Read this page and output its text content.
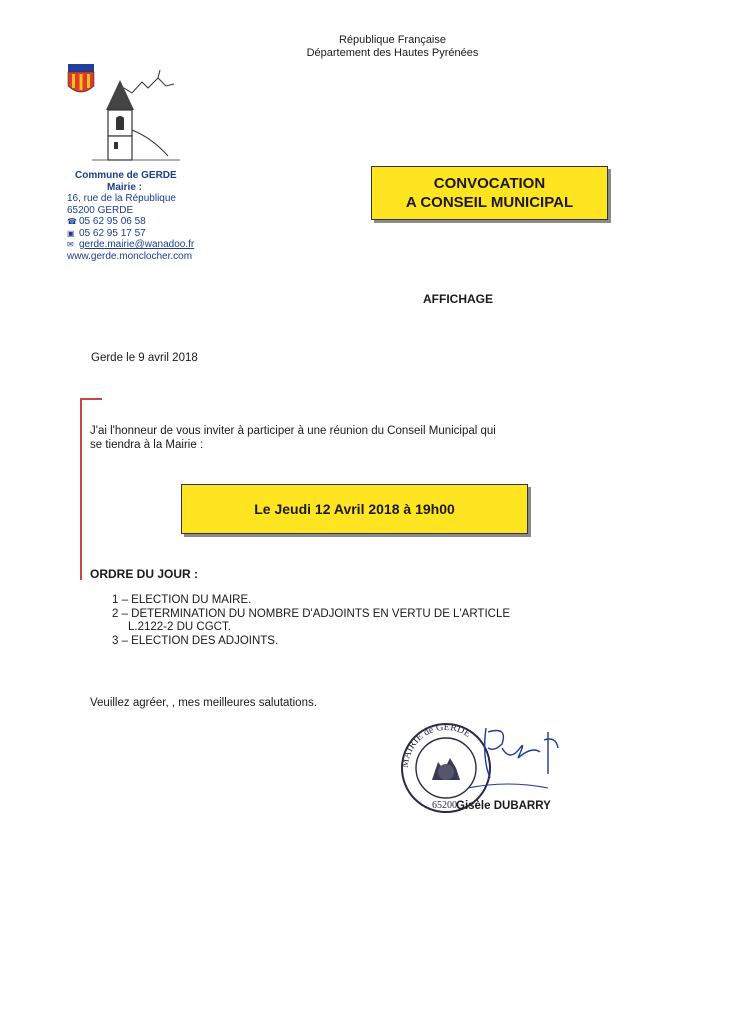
République Française
Département des Hautes Pyrénées
Commune de GERDE
Mairie :
16, rue de la République
65200 GERDE
☎ 05 62 95 06 58
▣ 05 62 95 17 57
✉ gerde.mairie@wanadoo.fr
www.gerde.monclocher.com
CONVOCATION
A CONSEIL MUNICIPAL
AFFICHAGE
Gerde le 9 avril 2018
J'ai l'honneur de vous inviter à participer à une réunion du Conseil Municipal qui se tiendra à la Mairie :
Le Jeudi 12 Avril 2018 à 19h00
ORDRE DU JOUR :
1 – ELECTION DU MAIRE.
2 – DETERMINATION DU NOMBRE D'ADJOINTS EN VERTU DE L'ARTICLE
L.2122-2 DU CGCT.
3 – ELECTION DES ADJOINTS.
Veuillez agréer, , mes meilleures salutations.
MAIRIE de GERDE
65200 Gisèle DUBARRY
